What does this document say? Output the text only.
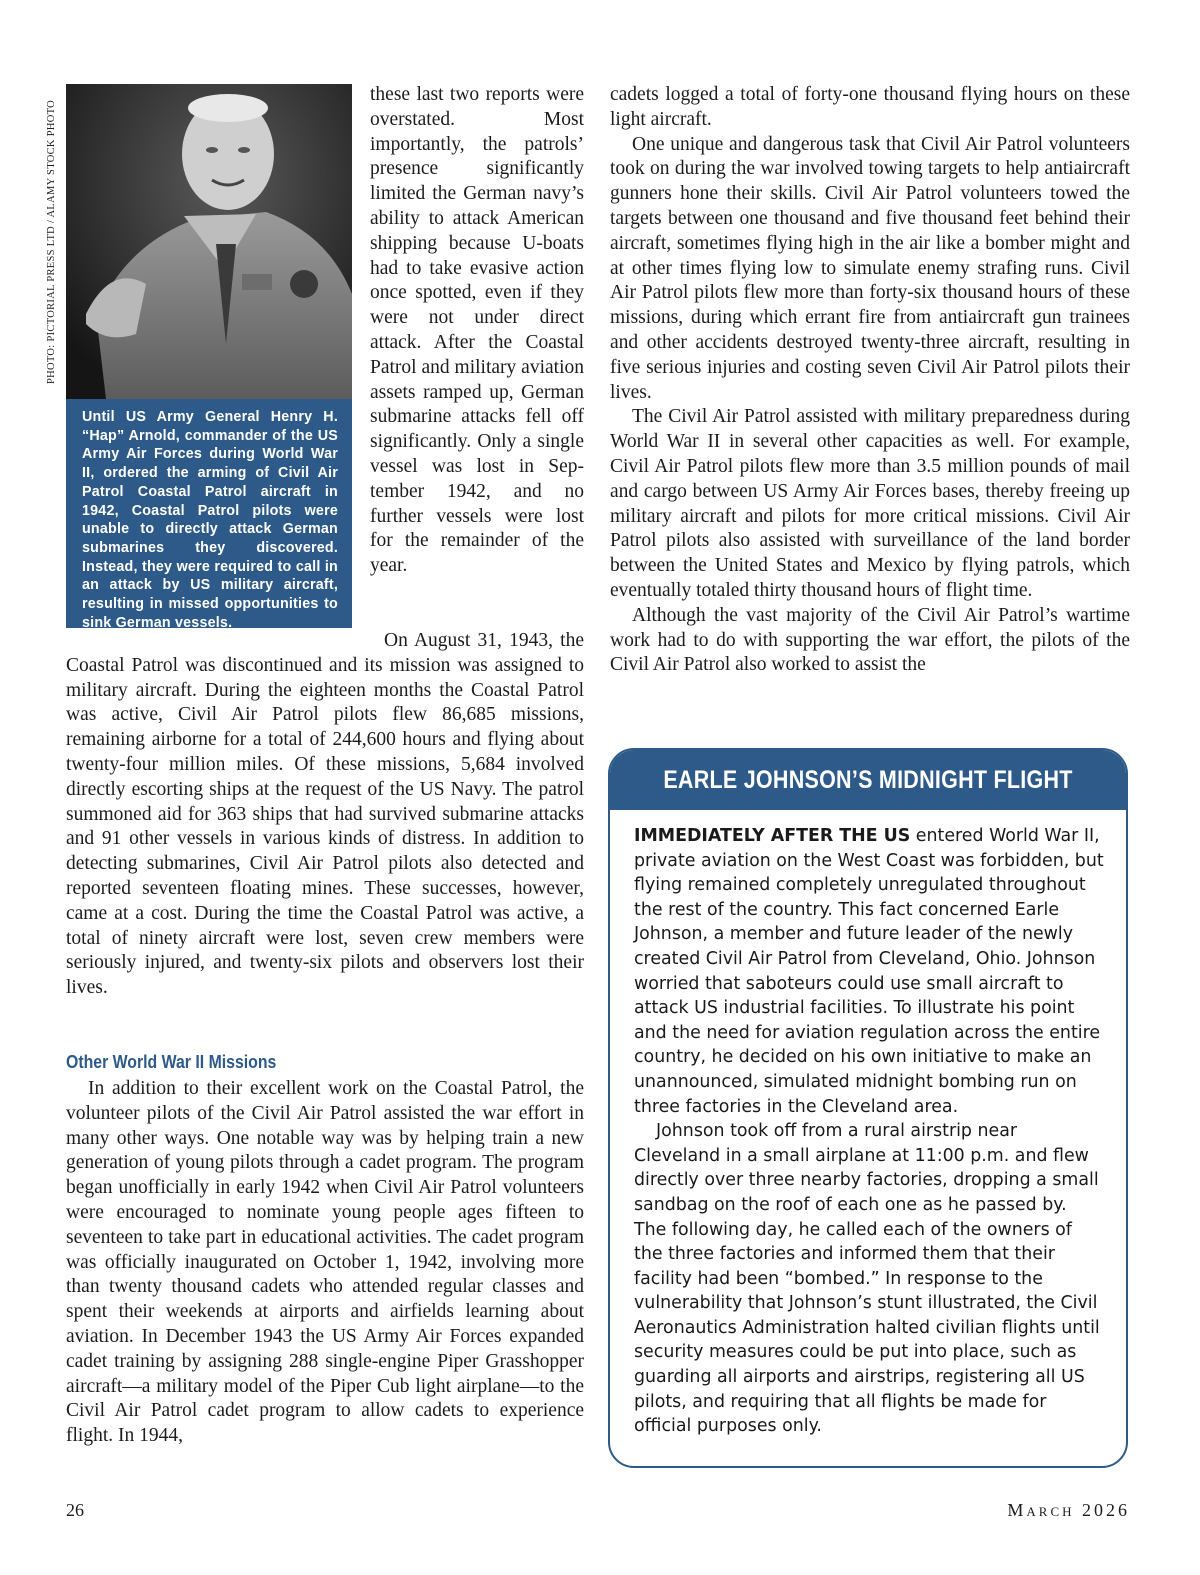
PHOTO: PICTORIAL PRESS LTD / ALAMY STOCK PHOTO

Until US Army General Henry H. “Hap” Arnold, commander of the US Army Air Forces during World War II, ordered the arming of Civil Air Patrol Coastal Patrol aircraft in 1942, Coastal Patrol pilots were unable to directly attack German submarines they discovered. Instead, they were required to call in an attack by US military aircraft, resulting in missed opportunities to sink German vessels.

these last two reports were overstated. Most importantly, the patrols’ presence significantly limited the German navy’s ability to attack American shipping because U-boats had to take evasive action once spotted, even if they were not under direct attack. After the Coastal Patrol and military aviation assets ramped up, German submarine attacks fell off significantly. Only a single vessel was lost in September 1942, and no further vessels were lost for the remainder of the year.

On August 31, 1943, the Coastal Patrol was discontinued and its mission was assigned to military aircraft. During the eighteen months the Coastal Patrol was active, Civil Air Patrol pilots flew 86,685 missions, remaining airborne for a total of 244,600 hours and flying about twenty-four million miles. Of these missions, 5,684 involved directly escorting ships at the request of the US Navy. The patrol summoned aid for 363 ships that had survived submarine attacks and 91 other vessels in various kinds of distress. In addition to detecting submarines, Civil Air Patrol pilots also detected and reported seventeen floating mines. These successes, however, came at a cost. During the time the Coastal Patrol was active, a total of ninety aircraft were lost, seven crew members were seriously injured, and twenty-six pilots and observers lost their lives.

Other World War II Missions

In addition to their excellent work on the Coastal Patrol, the volunteer pilots of the Civil Air Patrol assisted the war effort in many other ways. One notable way was by helping train a new generation of young pilots through a cadet program. The program began unofficially in early 1942 when Civil Air Patrol volunteers were encouraged to nominate young people ages fifteen to seventeen to take part in educational activities. The cadet program was officially inaugurated on October 1, 1942, involving more than twenty thousand cadets who attended regular classes and spent their weekends at airports and airfields learning about aviation. In December 1943 the US Army Air Forces expanded cadet training by assigning 288 single-engine Piper Grasshopper aircraft—a military model of the Piper Cub light airplane—to the Civil Air Patrol cadet program to allow cadets to experience flight. In 1944,

cadets logged a total of forty-one thousand flying hours on these light aircraft.

One unique and dangerous task that Civil Air Patrol volunteers took on during the war involved towing targets to help antiaircraft gunners hone their skills. Civil Air Patrol volunteers towed the targets between one thousand and five thousand feet behind their aircraft, sometimes flying high in the air like a bomber might and at other times flying low to simulate enemy strafing runs. Civil Air Patrol pilots flew more than forty-six thousand hours of these missions, during which errant fire from antiaircraft gun trainees and other accidents destroyed twenty-three aircraft, resulting in five serious injuries and costing seven Civil Air Patrol pilots their lives.

The Civil Air Patrol assisted with military preparedness during World War II in several other capacities as well. For example, Civil Air Patrol pilots flew more than 3.5 million pounds of mail and cargo between US Army Air Forces bases, thereby freeing up military aircraft and pilots for more critical missions. Civil Air Patrol pilots also assisted with surveillance of the land border between the United States and Mexico by flying patrols, which eventually totaled thirty thousand hours of flight time.

Although the vast majority of the Civil Air Patrol’s wartime work had to do with supporting the war effort, the pilots of the Civil Air Patrol also worked to assist the

EARLE JOHNSON’S MIDNIGHT FLIGHT

IMMEDIATELY AFTER THE US entered World War II, private aviation on the West Coast was forbidden, but flying remained completely unregulated throughout the rest of the country. This fact concerned Earle Johnson, a member and future leader of the newly created Civil Air Patrol from Cleveland, Ohio. Johnson worried that saboteurs could use small aircraft to attack US industrial facilities. To illustrate his point and the need for aviation regulation across the entire country, he decided on his own initiative to make an unannounced, simulated midnight bombing run on three factories in the Cleveland area.

Johnson took off from a rural airstrip near Cleveland in a small airplane at 11:00 p.m. and flew directly over three nearby factories, dropping a small sandbag on the roof of each one as he passed by. The following day, he called each of the owners of the three factories and informed them that their facility had been “bombed.” In response to the vulnerability that Johnson’s stunt illustrated, the Civil Aeronautics Administration halted civilian flights until security measures could be put into place, such as guarding all airports and airstrips, registering all US pilots, and requiring that all flights be made for official purposes only.

26	March 2026
